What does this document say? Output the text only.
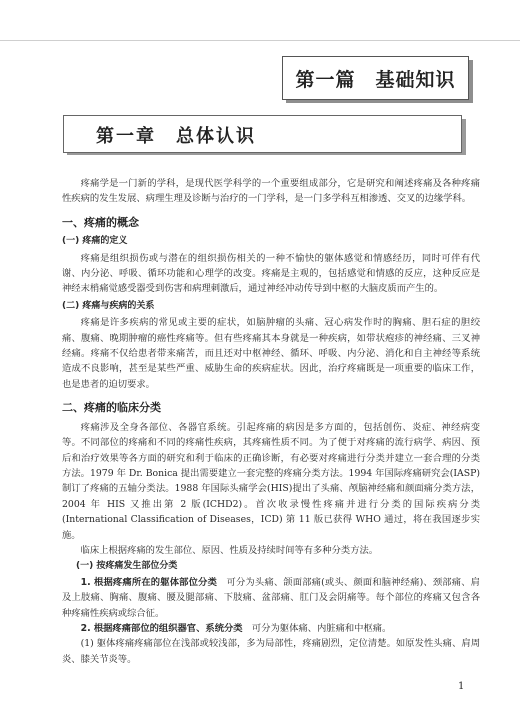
第一篇　基础知识
第一章　总体认识

疼痛学是一门新的学科，是现代医学科学的一个重要组成部分，它是研究和阐述疼痛及各种疼痛性疾病的发生发展、病理生理及诊断与治疗的一门学科，是一门多学科互相渗透、交叉的边缘学科。

一、疼痛的概念
(一) 疼痛的定义

疼痛是组织损伤或与潜在的组织损伤相关的一种不愉快的躯体感觉和情感经历，同时可伴有代谢、内分泌、呼吸、循环功能和心理学的改变。疼痛是主观的，包括感觉和情感的反应，这种反应是神经末梢痛觉感受器受到伤害和病理刺激后，通过神经冲动传导到中枢的大脑皮质而产生的。

(二) 疼痛与疾病的关系

疼痛是许多疾病的常见或主要的症状，如脑肿瘤的头痛、冠心病发作时的胸痛、胆石症的胆绞痛、腹痛、晚期肿瘤的癌性疼痛等。但有些疼痛其本身就是一种疾病，如带状疱疹的神经痛、三叉神经痛。疼痛不仅给患者带来痛苦，而且还对中枢神经、循环、呼吸、内分泌、消化和自主神经等系统造成不良影响，甚至是某些严重、威胁生命的疾病症状。因此，治疗疼痛既是一项重要的临床工作，也是患者的迫切要求。

二、疼痛的临床分类

疼痛涉及全身各部位、各器官系统。引起疼痛的病因是多方面的，包括创伤、炎症、神经病变等。不同部位的疼痛和不同的疼痛性疾病，其疼痛性质不同。为了便于对疼痛的流行病学、病因、预后和治疗效果等各方面的研究和利于临床的正确诊断，有必要对疼痛进行分类并建立一套合理的分类方法。1979 年 Dr. Bonica 提出需要建立一套完整的疼痛分类方法。1994 年国际疼痛研究会(IASP)制订了疼痛的五轴分类法。1988 年国际头痛学会(HIS)提出了头痛、颅脑神经痛和颜面痛分类方法，2004 年 HIS 又推出第 2 版(ICHD2)。首次收录慢性疼痛并进行分类的国际疾病分类(International Classification of Diseases，ICD) 第 11 版已获得 WHO 通过，将在我国逐步实施。

临床上根据疼痛的发生部位、原因、性质及持续时间等有多种分类方法。

(一) 按疼痛发生部位分类
1. 根据疼痛所在的躯体部位分类　可分为头痛、颌面部痛(或头、颜面和脑神经痛)、颈部痛、肩及上肢痛、胸痛、腹痛、腰及腿部痛、下肢痛、盆部痛、肛门及会阴痛等。每个部位的疼痛又包含各种疼痛性疾病或综合征。
2. 根据疼痛部位的组织器官、系统分类　可分为躯体痛、内脏痛和中枢痛。

(1) 躯体疼痛疼痛部位在浅部或较浅部，多为局部性，疼痛剧烈，定位清楚。如原发性头痛、肩周炎、膝关节炎等。

1
